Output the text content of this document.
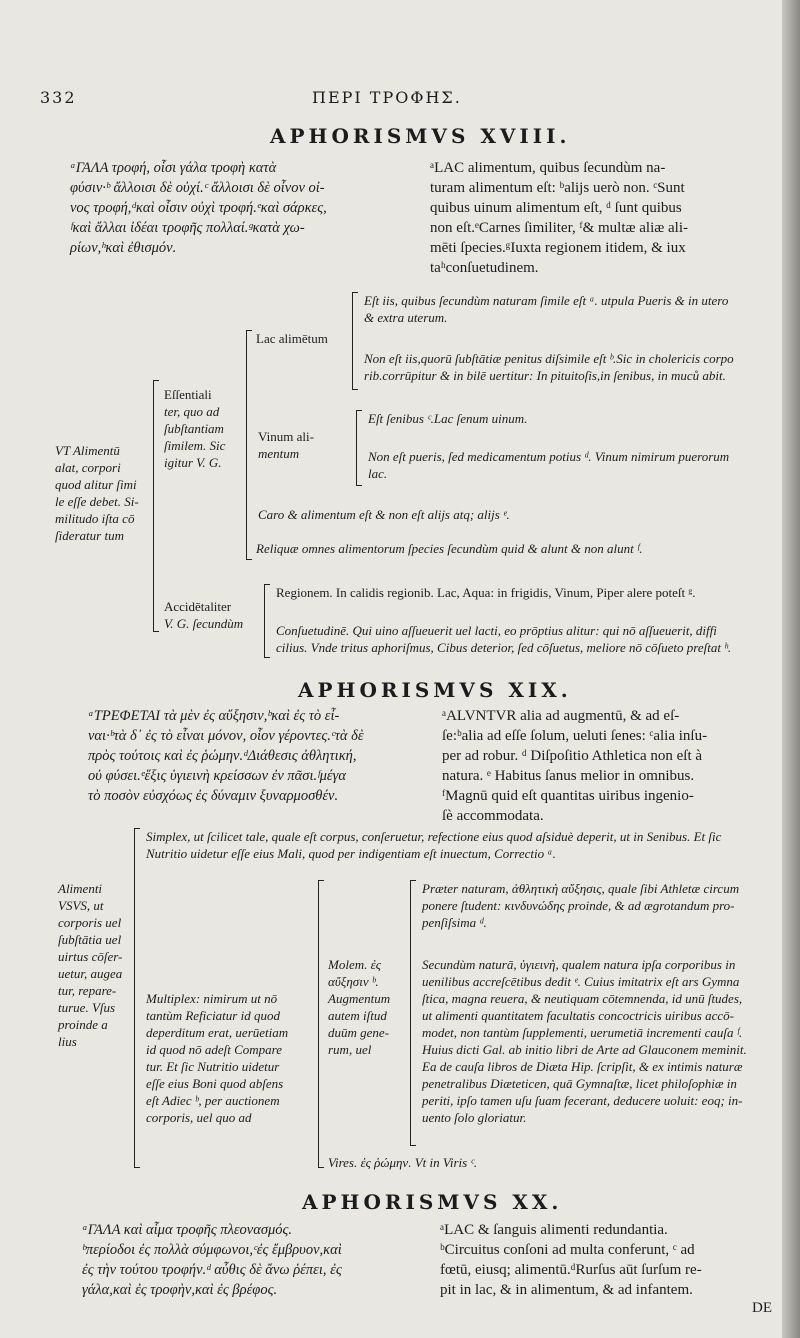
332	ΠΕΡΙ ΤΡΟΦΗΣ.
APHORISMVS XVIII.
ᵃΓΑΛΑ τροφή, οἷσι γάλα τροφὴ κατὰ
φύσιν·ᵇ ἄλλοισι δὲ οὐχί.ᶜ ἄλλοισι δὲ οἶνον οἰ-
νος τροφή,ᵈκαὶ οἷσιν οὐχὶ τροφή.ᵉκαὶ σάρκες,
ᶠκαὶ ἄλλαι ἰδέαι τροφῆς πολλαί.ᵍκατὰ χω-
ρίων,ʰκαὶ ἐθισμόν.
ᵃLAC alimentum, quibus ſecundùm na-
turam alimentum eſt: ᵇalijs uerò non. ᶜSunt
quibus uinum alimentum eſt, ᵈ ſunt quibus
non eſt.ᵉCarnes ſimiliter, ᶠ& multæ aliæ ali-
mēti ſpecies.ᵍIuxta regionem itidem, & iux
taʰconſuetudinem.
VT Alimentū
alat, corpori
quod alitur ſimi
le eſſe debet. Si-
militudo iſta cō
ſideratur tum
Eſſentiali
ter, quo ad
ſubſtantiam
ſimilem. Sic
igitur V. G.
Lac alimētum
Eſt iis, quibus ſecundùm naturam ſimile eſt ᵃ. utpula Pueris & in utero
& extra uterum.
Non eſt iis,quorū ſubſtātiæ penitus diſsimile eſt ᵇ.Sic in cholericis corpo
rib.corrūpitur & in bilē uertitur: In pituitoſis,in ſenibus, in muců abit.
Vinum ali-
mentum
Eſt ſenibus ᶜ.Lac ſenum uinum.
Non eſt pueris, ſed medicamentum potius ᵈ. Vinum nimirum puerorum
lac.
Caro & alimentum eſt & non eſt alijs atq; alijs ᵉ.
Reliquæ omnes alimentorum ſpecies ſecundùm quid & alunt & non alunt ᶠ.
Accidētaliter
V. G. ſecundùm
Regionem. In calidis regionib. Lac, Aqua: in frigidis, Vinum, Piper alere poteſt ᵍ.
Conſuetudinē. Qui uino aſſueuerit uel lacti, eo prōptius alitur: qui nō aſſueuerit, diffi
cilius. Vnde tritus aphoriſmus, Cibus deterior, ſed cōſuetus, meliore nō cōſueto preſtat ʰ.
APHORISMVS XIX.
ᵃΤΡΕΦΕΤΑΙ τὰ μὲν ἐς αὔξησιν,ᵇκαὶ ἐς τὸ εἶ-
ναι·ᵇτὰ δ᾽ ἐς τὸ εἶναι μόνον, οἷον γέροντες.ᶜτὰ δὲ
πρὸς τούτοις καὶ ἐς ῥώμην.ᵈΔιάθεσις ἀθλητική,
οὐ φύσει.ᵉἕξις ὑγιεινὴ κρείσσων ἐν πᾶσι.ᶠμέγα
τὸ ποσὸν εὐσχόως ἐς δύναμιν ξυναρμοσθέν.
ᵃALVNTVR alia ad augmentū, & ad eſ-
ſe:ᵇalia ad eſſe ſolum, ueluti ſenes: ᶜalia inſu-
per ad robur. ᵈ Diſpoſitio Athletica non eſt à
natura. ᵉ Habitus ſanus melior in omnibus.
ᶠMagnū quid eſt quantitas uiribus ingenio-
ſè accommodata.
Alimenti
VSVS, ut
corporis uel
ſubſtātia uel
uirtus cōſer-
uetur, augea
tur, repare-
turue. Vſus
proinde a
lius
Simplex, ut ſcilicet tale, quale eſt corpus, conſeruetur, refectione eius quod aſsiduè deperit, ut in Senibus. Et ſic
Nutritio uidetur eſſe eius Mali, quod per indigentiam eſt inuectum, Correctio ᵃ.
Multiplex: nimirum ut nō
tantùm Reficiatur id quod
deperditum erat, uerūetiam
id quod nō adeſt Compare
tur. Et ſic Nutritio uidetur
eſſe eius Boni quod abſens
eſt Adiec ᵇ, per auctionem
corporis, uel quo ad
Molem. ἐς
αὔξησιν ᵇ.
Augmentum
autem iſtud
duūm gene-
rum, uel
Præter naturam, ἀθλητικὴ αὔξησις, quale ſibi Athletæ circum
ponere ſtudent: κινδυνώδης proinde, & ad ægrotandum pro-
penſiſsima ᵈ.
Secundùm naturā, ὑγιεινὴ, qualem natura ipſa corporibus in
uenilibus accreſcētibus dedit ᵉ. Cuius imitatrix eſt ars Gymna
ſtica, magna reuera, & neutiquam cōtemnenda, id unū ſtudes,
ut alimenti quantitatem facultatis concoctricis uiribus accō-
modet, non tantùm ſupplementi, uerumetiā incrementi cauſa ᶠ.
Huius dicti Gal. ab initio libri de Arte ad Glauconem meminit.
Ea de cauſa libros de Diæta Hip. ſcripſit, & ex intimis naturæ
penetralibus Diæteticen, quā Gymnaſtæ, licet philoſophiæ in
periti, ipſo tamen uſu ſuam fecerant, deducere uoluit: eoq; in-
uento ſolo gloriatur.
Vires. ἐς ῥώμην. Vt in Viris ᶜ.
APHORISMVS XX.
ᵃΓΑΛΑ καὶ αἷμα τροφῆς πλεονασμός.
ᵇπερίοδοι ἐς πολλὰ σύμφωνοι,ᶜἐς ἔμβρυον,καὶ
ἐς τὴν τούτου τροφήν.ᵈ αὖθις δὲ ἄνω ῥέπει, ἐς
γάλα,καὶ ἐς τροφὴν,καὶ ἐς βρέφος.
ᵃLAC & ſanguis alimenti redundantia.
ᵇCircuitus conſoni ad multa conferunt, ᶜ ad
fœtū, eiusq; alimentū.ᵈRurſus aūt ſurſum re-
pit in lac, & in alimentum, & ad infantem.
DE
